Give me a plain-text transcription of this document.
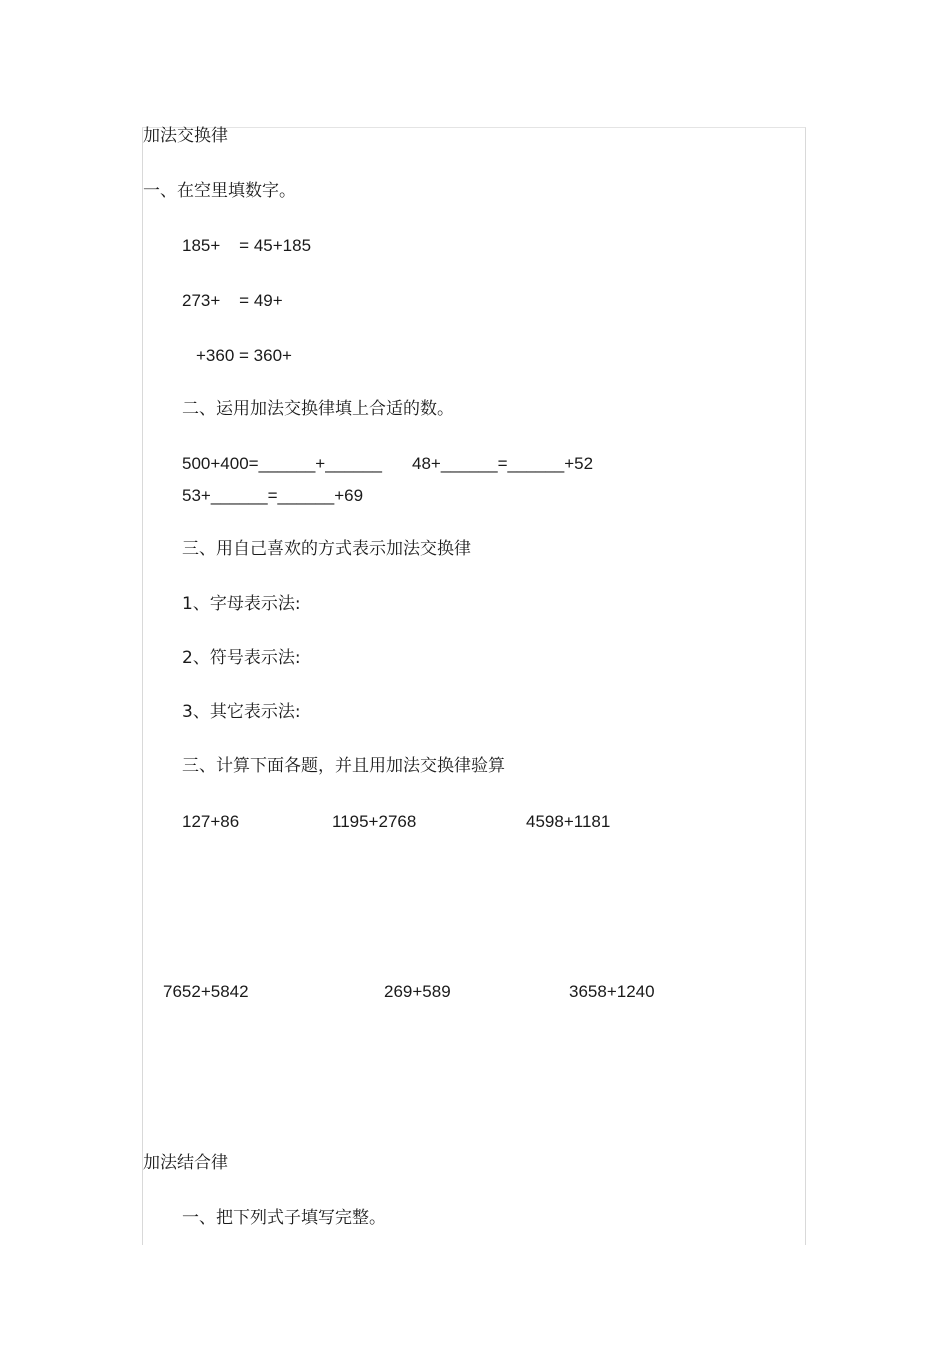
加法交换律

一、在空里填数字。

185+    = 45+185

273+    = 49+

+360 = 360+

二、运用加法交换律填上合适的数。

500+400=______+______ 48+______=______+52

53+______=______+69

三、用自己喜欢的方式表示加法交换律

1、字母表示法:

2、符号表示法:

3、其它表示法:

三、计算下面各题，并且用加法交换律验算

127+86	1195+2768	4598+1181

7652+5842	269+589	3658+1240

加法结合律

一、把下列式子填写完整。
